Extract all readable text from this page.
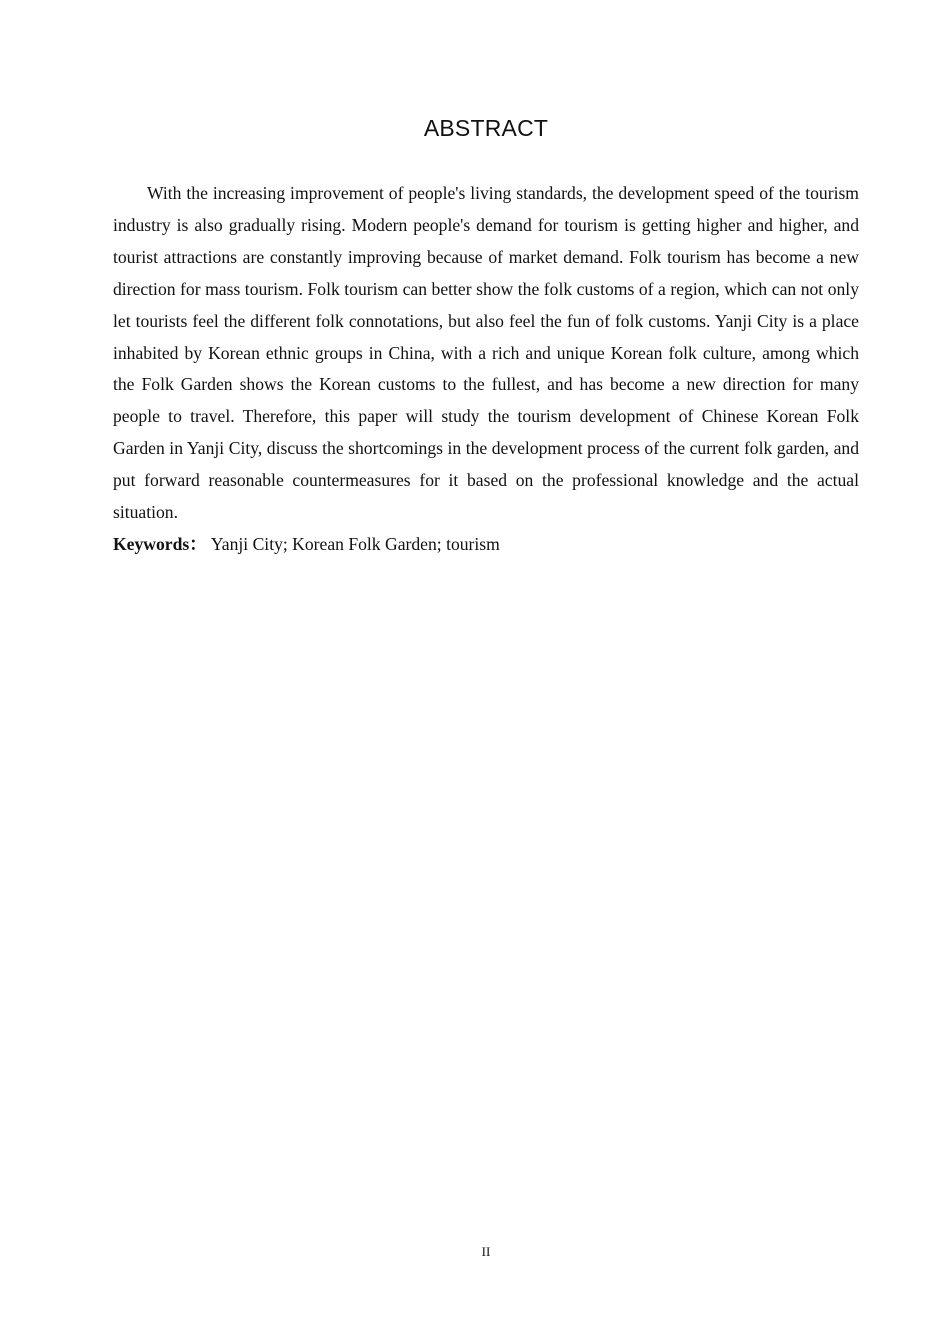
ABSTRACT

With the increasing improvement of people's living standards, the development speed of the tourism industry is also gradually rising. Modern people's demand for tourism is getting higher and higher, and tourist attractions are constantly improving because of market demand. Folk tourism has become a new direction for mass tourism. Folk tourism can better show the folk customs of a region, which can not only let tourists feel the different folk connotations, but also feel the fun of folk customs. Yanji City is a place inhabited by Korean ethnic groups in China, with a rich and unique Korean folk culture, among which the Folk Garden shows the Korean customs to the fullest, and has become a new direction for many people to travel. Therefore, this paper will study the tourism development of Chinese Korean Folk Garden in Yanji City, discuss the shortcomings in the development process of the current folk garden, and put forward reasonable countermeasures for it based on the professional knowledge and the actual situation.

Keywords： Yanji City; Korean Folk Garden; tourism

II
